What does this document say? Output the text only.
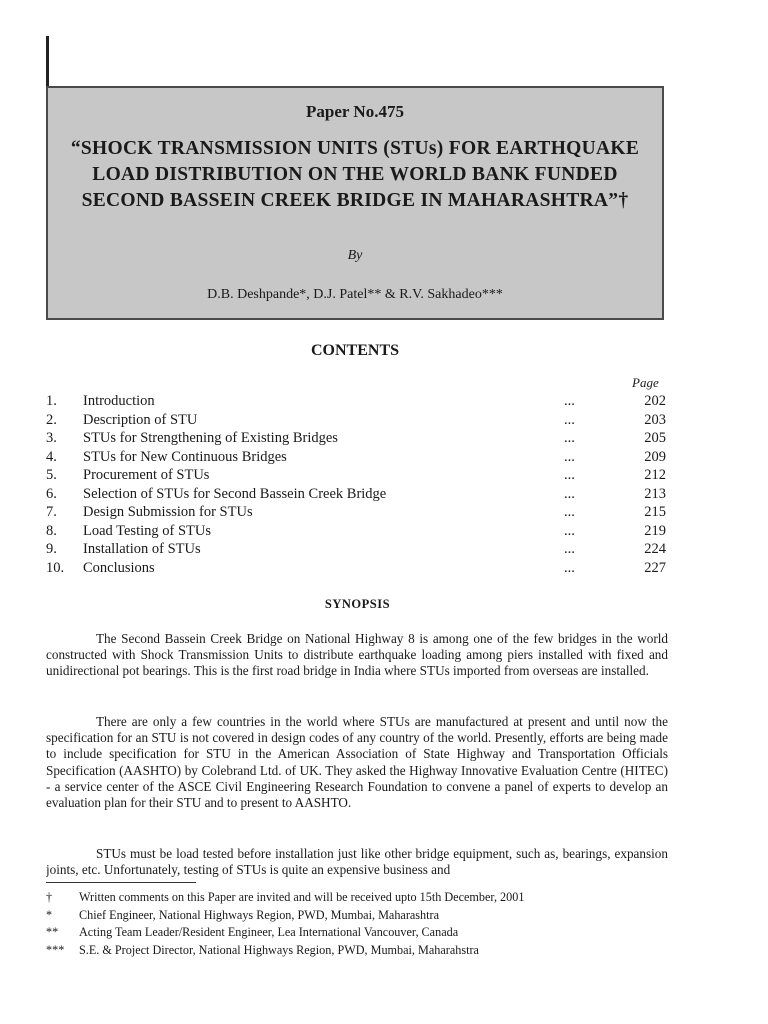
Paper No.475
“SHOCK TRANSMISSION UNITS (STUs) FOR EARTHQUAKE LOAD DISTRIBUTION ON THE WORLD BANK FUNDED SECOND BASSEIN CREEK BRIDGE IN MAHARASHTRA”†
By
D.B. Deshpande*, D.J. Patel** & R.V. Sakhadeo***
CONTENTS
Page
1. Introduction	...	202
2. Description of STU	...	203
3. STUs for Strengthening of Existing Bridges	...	205
4. STUs for New Continuous Bridges	...	209
5. Procurement of STUs	...	212
6. Selection of STUs for Second Bassein Creek Bridge	...	213
7. Design Submission for STUs	...	215
8. Load Testing of STUs	...	219
9. Installation of STUs	...	224
10. Conclusions	...	227
SYNOPSIS

The Second Bassein Creek Bridge on National Highway 8 is among one of the few bridges in the world constructed with Shock Transmission Units to distribute earthquake loading among piers installed with fixed and unidirectional pot bearings. This is the first road bridge in India where STUs imported from overseas are installed.

There are only a few countries in the world where STUs are manufactured at present and until now the specification for an STU is not covered in design codes of any country of the world. Presently, efforts are being made to include specification for STU in the American Association of State Highway and Transportation Officials Specification (AASHTO) by Colebrand Ltd. of UK. They asked the Highway Innovative Evaluation Centre (HITEC) - a service center of the ASCE Civil Engineering Research Foundation to convene a panel of experts to develop an evaluation plan for their STU and to present to AASHTO.

STUs must be load tested before installation just like other bridge equipment, such as, bearings, expansion joints, etc. Unfortunately, testing of STUs is quite an expensive business and

† Written comments on this Paper are invited and will be received upto 15th December, 2001
* Chief Engineer, National Highways Region, PWD, Mumbai, Maharashtra
** Acting Team Leader/Resident Engineer, Lea International Vancouver, Canada
*** S.E. & Project Director, National Highways Region, PWD, Mumbai, Maharahstra
